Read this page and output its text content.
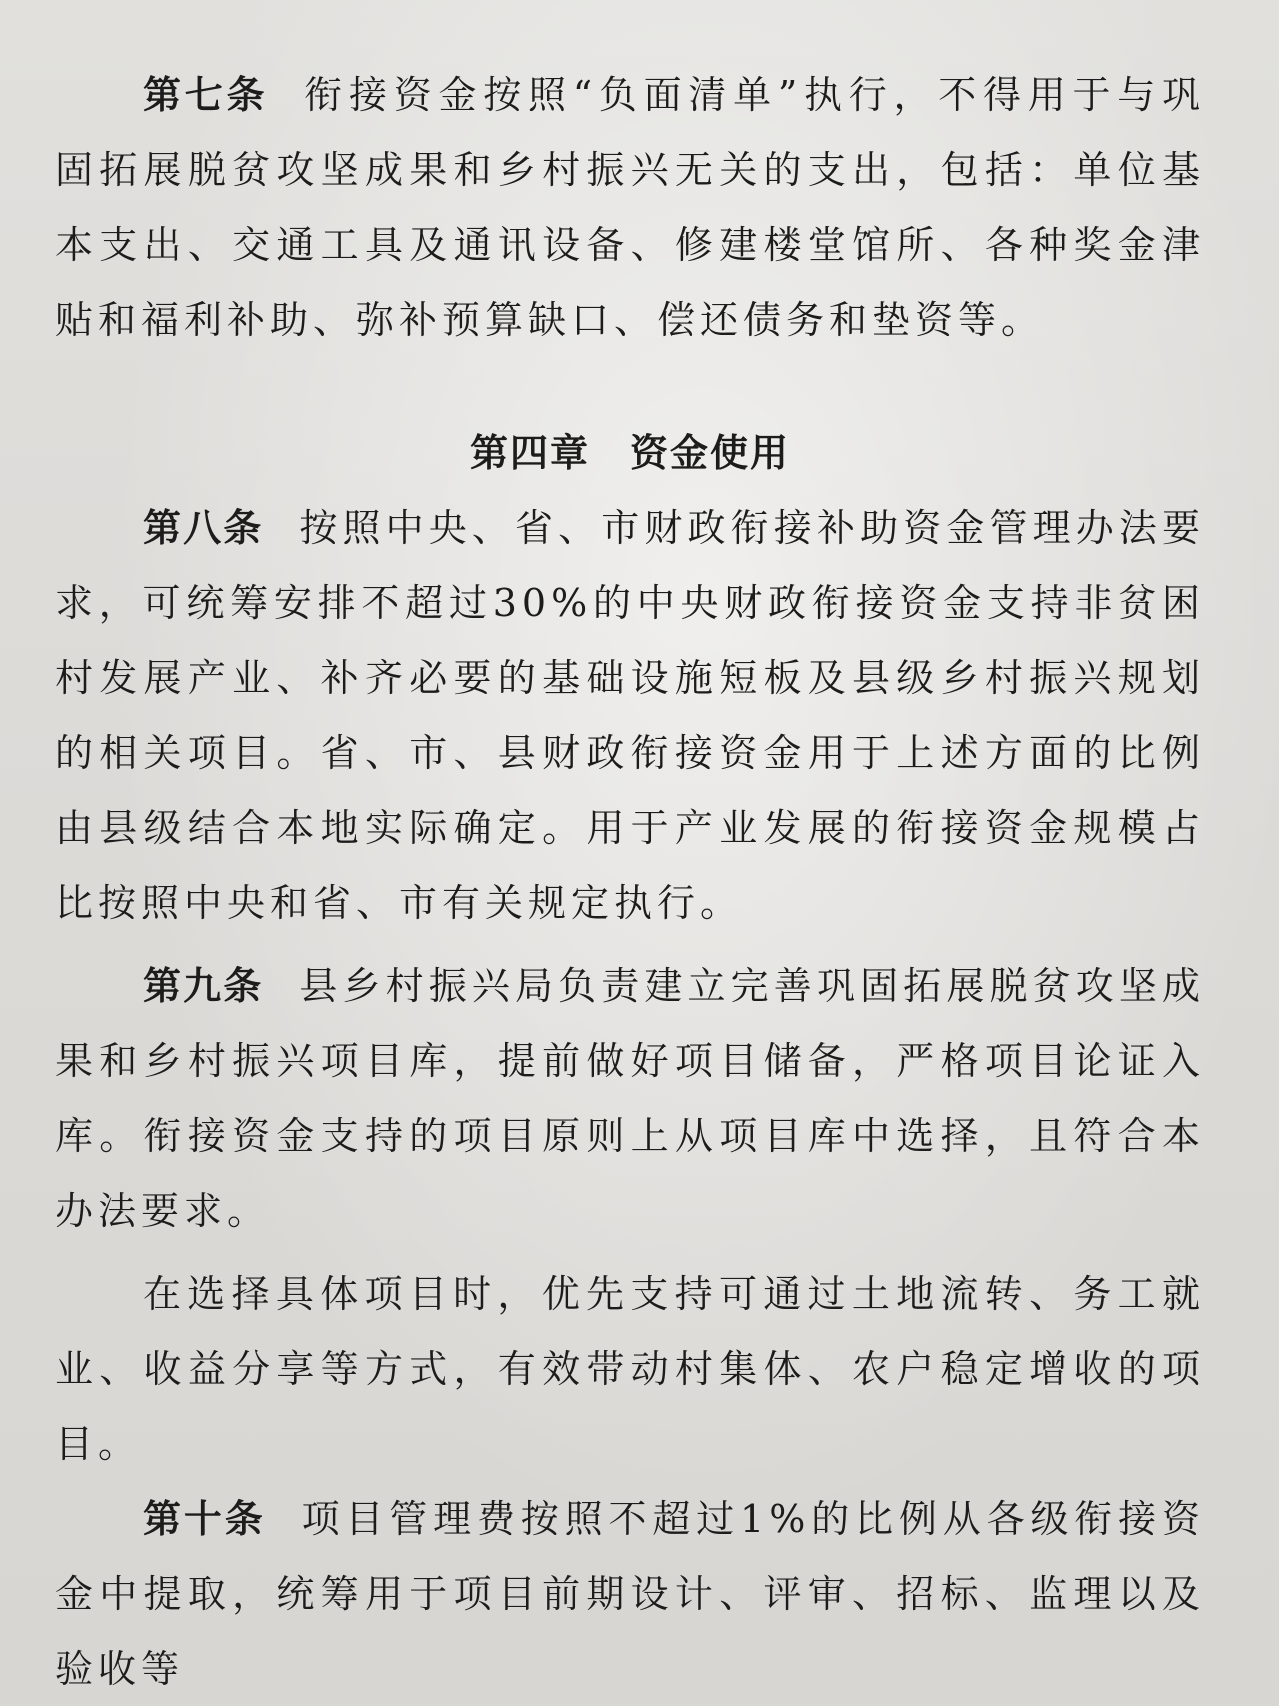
第七条 衔接资金按照“负面清单”执行，不得用于与巩固拓展脱贫攻坚成果和乡村振兴无关的支出，包括：单位基本支出、交通工具及通讯设备、修建楼堂馆所、各种奖金津贴和福利补助、弥补预算缺口、偿还债务和垫资等。

第四章 资金使用

第八条 按照中央、省、市财政衔接补助资金管理办法要求，可统筹安排不超过30%的中央财政衔接资金支持非贫困村发展产业、补齐必要的基础设施短板及县级乡村振兴规划的相关项目。省、市、县财政衔接资金用于上述方面的比例由县级结合本地实际确定。用于产业发展的衔接资金规模占比按照中央和省、市有关规定执行。

第九条 县乡村振兴局负责建立完善巩固拓展脱贫攻坚成果和乡村振兴项目库，提前做好项目储备，严格项目论证入库。衔接资金支持的项目原则上从项目库中选择，且符合本办法要求。

在选择具体项目时，优先支持可通过土地流转、务工就业、收益分享等方式，有效带动村集体、农户稳定增收的项目。

第十条 项目管理费按照不超过1%的比例从各级衔接资金中提取，统筹用于项目前期设计、评审、招标、监理以及验收等
